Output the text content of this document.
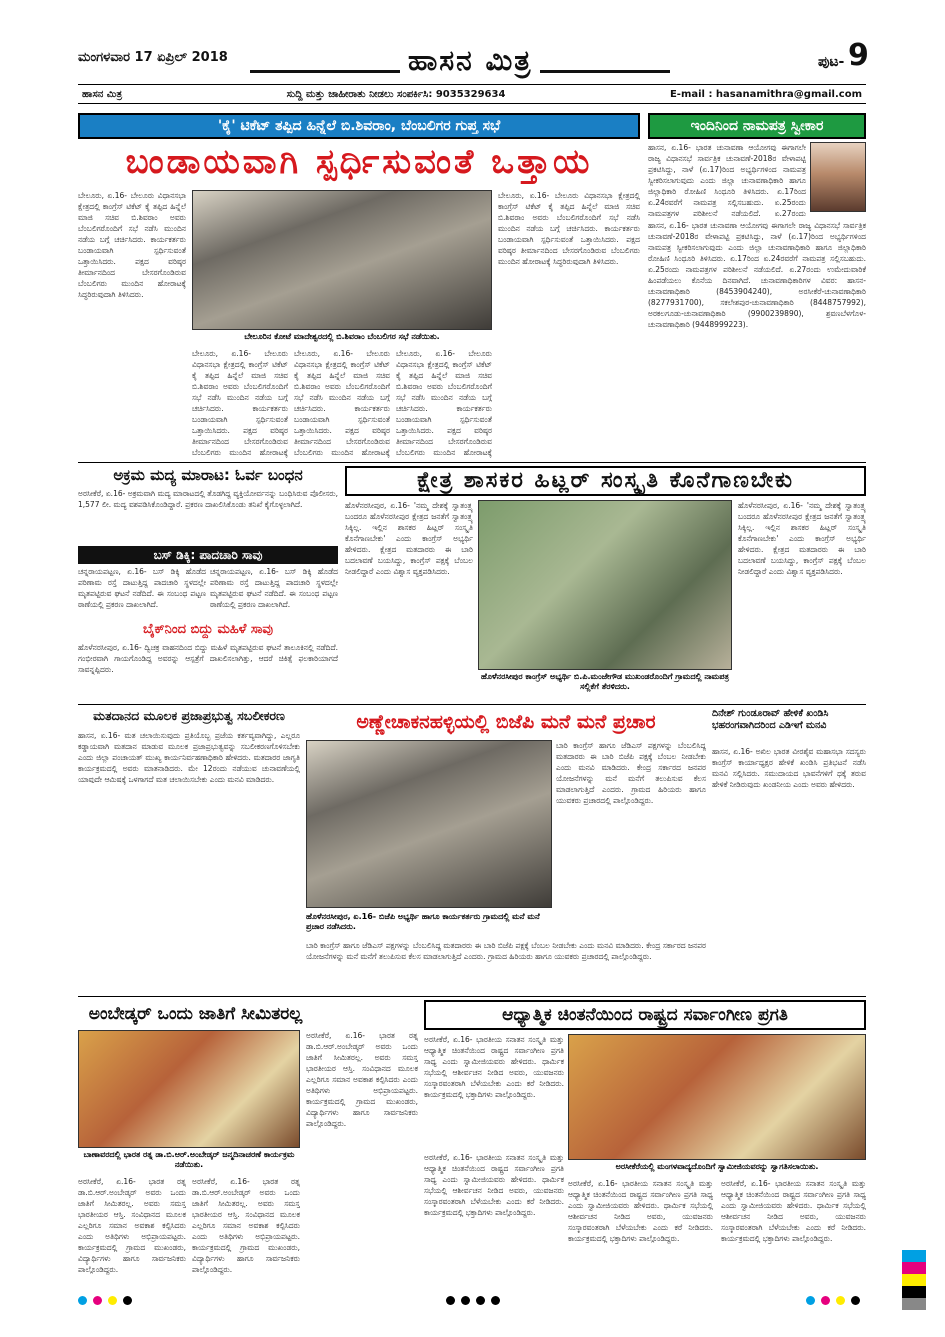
ಮಂಗಳವಾರ 17 ಏಪ್ರಿಲ್ 2018	ಹಾಸನ ಮಿತ್ರ	ಪುಟ- 9
ಹಾಸನ ಮಿತ್ರ	ಸುದ್ದಿ ಮತ್ತು ಜಾಹೀರಾತು ನೀಡಲು ಸಂಪರ್ಕಿಸಿ: 9035329634	E-mail : hasanamithra@gmail.com
'ಕೈ' ಟಿಕೆಟ್ ತಪ್ಪಿದ ಹಿನ್ನೆಲೆ ಬಿ.ಶಿವರಾಂ, ಬೆಂಬಲಿಗರ ಗುಪ್ತ ಸಭೆ
ಬಂಡಾಯವಾಗಿ ಸ್ಪರ್ಧಿಸುವಂತೆ ಒತ್ತಾಯ
ಬೇಲೂರು, ಏ.16- ಬೇಲೂರು ವಿಧಾನಸಭಾ ಕ್ಷೇತ್ರದಲ್ಲಿ ಕಾಂಗ್ರೆಸ್ ಟಿಕೆಟ್ ಕೈ ತಪ್ಪಿದ ಹಿನ್ನೆಲೆ ಮಾಜಿ ಸಚಿವ ಬಿ.ಶಿವರಾಂ ಅವರು ಬೆಂಬಲಿಗರೊಂದಿಗೆ ಸಭೆ ನಡೆಸಿ ಮುಂದಿನ ನಡೆಯ ಬಗ್ಗೆ ಚರ್ಚಿಸಿದರು. ಕಾರ್ಯಕರ್ತರು ಬಂಡಾಯವಾಗಿ ಸ್ಪರ್ಧಿಸುವಂತೆ ಒತ್ತಾಯಿಸಿದರು. ಪಕ್ಷದ ವರಿಷ್ಠರ ತೀರ್ಮಾನದಿಂದ ಬೇಸರಗೊಂಡಿರುವ ಬೆಂಬಲಿಗರು ಮುಂದಿನ ಹೋರಾಟಕ್ಕೆ ಸಿದ್ಧರಿರುವುದಾಗಿ ತಿಳಿಸಿದರು.
ಬೇಲೂರಿನ ಕೋಟೆ ಮಾದೇಶ್ವರದಲ್ಲಿ ಬಿ.ಶಿವರಾಂ ಬೆಂಬಲಿಗರ ಸಭೆ ನಡೆಯಿತು.
ಬೇಲೂರು, ಏ.16- ಬೇಲೂರು ವಿಧಾನಸಭಾ ಕ್ಷೇತ್ರದಲ್ಲಿ ಕಾಂಗ್ರೆಸ್ ಟಿಕೆಟ್ ಕೈ ತಪ್ಪಿದ ಹಿನ್ನೆಲೆ ಮಾಜಿ ಸಚಿವ ಬಿ.ಶಿವರಾಂ ಅವರು ಬೆಂಬಲಿಗರೊಂದಿಗೆ ಸಭೆ ನಡೆಸಿ ಮುಂದಿನ ನಡೆಯ ಬಗ್ಗೆ ಚರ್ಚಿಸಿದರು. ಕಾರ್ಯಕರ್ತರು ಬಂಡಾಯವಾಗಿ ಸ್ಪರ್ಧಿಸುವಂತೆ ಒತ್ತಾಯಿಸಿದರು. ಪಕ್ಷದ ವರಿಷ್ಠರ ತೀರ್ಮಾನದಿಂದ ಬೇಸರಗೊಂಡಿರುವ ಬೆಂಬಲಿಗರು ಮುಂದಿನ ಹೋರಾಟಕ್ಕೆ
ಬೇಲೂರು, ಏ.16- ಬೇಲೂರು ವಿಧಾನಸಭಾ ಕ್ಷೇತ್ರದಲ್ಲಿ ಕಾಂಗ್ರೆಸ್ ಟಿಕೆಟ್ ಕೈ ತಪ್ಪಿದ ಹಿನ್ನೆಲೆ ಮಾಜಿ ಸಚಿವ ಬಿ.ಶಿವರಾಂ ಅವರು ಬೆಂಬಲಿಗರೊಂದಿಗೆ ಸಭೆ ನಡೆಸಿ ಮುಂದಿನ ನಡೆಯ ಬಗ್ಗೆ ಚರ್ಚಿಸಿದರು. ಕಾರ್ಯಕರ್ತರು ಬಂಡಾಯವಾಗಿ ಸ್ಪರ್ಧಿಸುವಂತೆ ಒತ್ತಾಯಿಸಿದರು. ಪಕ್ಷದ ವರಿಷ್ಠರ ತೀರ್ಮಾನದಿಂದ ಬೇಸರಗೊಂಡಿರುವ ಬೆಂಬಲಿಗರು ಮುಂದಿನ ಹೋರಾಟಕ್ಕೆ
ಬೇಲೂರು, ಏ.16- ಬೇಲೂರು ವಿಧಾನಸಭಾ ಕ್ಷೇತ್ರದಲ್ಲಿ ಕಾಂಗ್ರೆಸ್ ಟಿಕೆಟ್ ಕೈ ತಪ್ಪಿದ ಹಿನ್ನೆಲೆ ಮಾಜಿ ಸಚಿವ ಬಿ.ಶಿವರಾಂ ಅವರು ಬೆಂಬಲಿಗರೊಂದಿಗೆ ಸಭೆ ನಡೆಸಿ ಮುಂದಿನ ನಡೆಯ ಬಗ್ಗೆ ಚರ್ಚಿಸಿದರು. ಕಾರ್ಯಕರ್ತರು ಬಂಡಾಯವಾಗಿ ಸ್ಪರ್ಧಿಸುವಂತೆ ಒತ್ತಾಯಿಸಿದರು. ಪಕ್ಷದ ವರಿಷ್ಠರ ತೀರ್ಮಾನದಿಂದ ಬೇಸರಗೊಂಡಿರುವ ಬೆಂಬಲಿಗರು ಮುಂದಿನ ಹೋರಾಟಕ್ಕೆ
ಬೇಲೂರು, ಏ.16- ಬೇಲೂರು ವಿಧಾನಸಭಾ ಕ್ಷೇತ್ರದಲ್ಲಿ ಕಾಂಗ್ರೆಸ್ ಟಿಕೆಟ್ ಕೈ ತಪ್ಪಿದ ಹಿನ್ನೆಲೆ ಮಾಜಿ ಸಚಿವ ಬಿ.ಶಿವರಾಂ ಅವರು ಬೆಂಬಲಿಗರೊಂದಿಗೆ ಸಭೆ ನಡೆಸಿ ಮುಂದಿನ ನಡೆಯ ಬಗ್ಗೆ ಚರ್ಚಿಸಿದರು. ಕಾರ್ಯಕರ್ತರು ಬಂಡಾಯವಾಗಿ ಸ್ಪರ್ಧಿಸುವಂತೆ ಒತ್ತಾಯಿಸಿದರು. ಪಕ್ಷದ ವರಿಷ್ಠರ ತೀರ್ಮಾನದಿಂದ ಬೇಸರಗೊಂಡಿರುವ ಬೆಂಬಲಿಗರು ಮುಂದಿನ ಹೋರಾಟಕ್ಕೆ ಸಿದ್ಧರಿರುವುದಾಗಿ ತಿಳಿಸಿದರು.
ಇಂದಿನಿಂದ ನಾಮಪತ್ರ ಸ್ವೀಕಾರ
ಹಾಸನ, ಏ.16- ಭಾರತ ಚುನಾವಣಾ ಆಯೋಗವು ಈಗಾಗಲೇ ರಾಜ್ಯ ವಿಧಾನಸಭೆ ಸಾರ್ವತ್ರಿಕ ಚುನಾವಣೆ-2018ರ ವೇಳಾಪಟ್ಟಿ ಪ್ರಕಟಿಸಿದ್ದು, ನಾಳೆ (ಏ.17)ರಿಂದ ಅಭ್ಯರ್ಥಿಗಳಿಂದ ನಾಮಪತ್ರ ಸ್ವೀಕರಿಸಲಾಗುವುದು ಎಂದು ಜಿಲ್ಲಾ ಚುನಾವಣಾಧಿಕಾರಿ ಹಾಗೂ ಜಿಲ್ಲಾಧಿಕಾರಿ ರೋಹಿಣಿ ಸಿಂಧೂರಿ ತಿಳಿಸಿದರು. ಏ.17ರಿಂದ ಏ.24ರವರೆಗೆ ನಾಮಪತ್ರ ಸಲ್ಲಿಸಬಹುದು. ಏ.25ರಂದು ನಾಮಪತ್ರಗಳ ಪರಿಶೀಲನೆ ನಡೆಯಲಿದೆ. ಏ.27ರಂದು
ಹಾಸನ, ಏ.16- ಭಾರತ ಚುನಾವಣಾ ಆಯೋಗವು ಈಗಾಗಲೇ ರಾಜ್ಯ ವಿಧಾನಸಭೆ ಸಾರ್ವತ್ರಿಕ ಚುನಾವಣೆ-2018ರ ವೇಳಾಪಟ್ಟಿ ಪ್ರಕಟಿಸಿದ್ದು, ನಾಳೆ (ಏ.17)ರಿಂದ ಅಭ್ಯರ್ಥಿಗಳಿಂದ ನಾಮಪತ್ರ ಸ್ವೀಕರಿಸಲಾಗುವುದು ಎಂದು ಜಿಲ್ಲಾ ಚುನಾವಣಾಧಿಕಾರಿ ಹಾಗೂ ಜಿಲ್ಲಾಧಿಕಾರಿ ರೋಹಿಣಿ ಸಿಂಧೂರಿ ತಿಳಿಸಿದರು. ಏ.17ರಿಂದ ಏ.24ರವರೆಗೆ ನಾಮಪತ್ರ ಸಲ್ಲಿಸಬಹುದು. ಏ.25ರಂದು ನಾಮಪತ್ರಗಳ ಪರಿಶೀಲನೆ ನಡೆಯಲಿದೆ. ಏ.27ರಂದು ಉಮೇದುವಾರಿಕೆ ಹಿಂಪಡೆಯಲು ಕೊನೆಯ ದಿನವಾಗಿದೆ. ಚುನಾವಣಾಧಿಕಾರಿಗಳ ವಿವರ: ಹಾಸನ-ಚುನಾವಣಾಧಿಕಾರಿ (8453904240), ಅರಸೀಕೆರೆ-ಚುನಾವಣಾಧಿಕಾರಿ (8277931700), ಸಕಲೇಶಪುರ-ಚುನಾವಣಾಧಿಕಾರಿ (8448757992), ಅರಕಲಗೂಡು-ಚುನಾವಣಾಧಿಕಾರಿ (9900239890), ಶ್ರವಣಬೆಳಗೊಳ-ಚುನಾವಣಾಧಿಕಾರಿ (9448999223).
ಅಕ್ರಮ ಮದ್ಯ ಮಾರಾಟ: ಓರ್ವ ಬಂಧನ
ಅರಸೀಕೆರೆ, ಏ.16- ಅಕ್ರಮವಾಗಿ ಮದ್ಯ ಮಾರಾಟದಲ್ಲಿ ತೊಡಗಿದ್ದ ವ್ಯಕ್ತಿಯೋರ್ವನನ್ನು ಬಂಧಿಸಿರುವ ಪೊಲೀಸರು, 1,577 ಲೀ. ಮದ್ಯ ವಶಪಡಿಸಿಕೊಂಡಿದ್ದಾರೆ. ಪ್ರಕರಣ ದಾಖಲಿಸಿಕೊಂಡು ತನಿಖೆ ಕೈಗೊಳ್ಳಲಾಗಿದೆ.
ಬಸ್ ಡಿಕ್ಕಿ: ಪಾದಚಾರಿ ಸಾವು
ಚನ್ನರಾಯಪಟ್ಟಣ, ಏ.16- ಬಸ್ ಡಿಕ್ಕಿ ಹೊಡೆದ ಪರಿಣಾಮ ರಸ್ತೆ ದಾಟುತ್ತಿದ್ದ ಪಾದಚಾರಿ ಸ್ಥಳದಲ್ಲೇ ಮೃತಪಟ್ಟಿರುವ ಘಟನೆ ನಡೆದಿದೆ. ಈ ಸಂಬಂಧ ಪಟ್ಟಣ ಠಾಣೆಯಲ್ಲಿ ಪ್ರಕರಣ ದಾಖಲಾಗಿದೆ.
ಚನ್ನರಾಯಪಟ್ಟಣ, ಏ.16- ಬಸ್ ಡಿಕ್ಕಿ ಹೊಡೆದ ಪರಿಣಾಮ ರಸ್ತೆ ದಾಟುತ್ತಿದ್ದ ಪಾದಚಾರಿ ಸ್ಥಳದಲ್ಲೇ ಮೃತಪಟ್ಟಿರುವ ಘಟನೆ ನಡೆದಿದೆ. ಈ ಸಂಬಂಧ ಪಟ್ಟಣ ಠಾಣೆಯಲ್ಲಿ ಪ್ರಕರಣ ದಾಖಲಾಗಿದೆ.
ಬೈಕ್‌ನಿಂದ ಬಿದ್ದು ಮಹಿಳೆ ಸಾವು
ಹೊಳೆನರಸೀಪುರ, ಏ.16- ದ್ವಿಚಕ್ರ ವಾಹನದಿಂದ ಬಿದ್ದು ಮಹಿಳೆ ಮೃತಪಟ್ಟಿರುವ ಘಟನೆ ತಾಲೂಕಿನಲ್ಲಿ ನಡೆದಿದೆ. ಗಂಭೀರವಾಗಿ ಗಾಯಗೊಂಡಿದ್ದ ಅವರನ್ನು ಆಸ್ಪತ್ರೆಗೆ ದಾಖಲಿಸಲಾಗಿತ್ತು, ಆದರೆ ಚಿಕಿತ್ಸೆ ಫಲಕಾರಿಯಾಗದೆ ಸಾವನ್ನಪ್ಪಿದರು.
ಕ್ಷೇತ್ರ ಶಾಸಕರ ಹಿಟ್ಲರ್ ಸಂಸ್ಕೃತಿ ಕೊನೆಗಾಣಬೇಕು
ಹೊಳೆನರಸೀಪುರ, ಏ.16- 'ನಮ್ಮ ದೇಶಕ್ಕೆ ಸ್ವಾತಂತ್ರ್ಯ ಬಂದರೂ ಹೊಳೆನರಸೀಪುರ ಕ್ಷೇತ್ರದ ಜನತೆಗೆ ಸ್ವಾತಂತ್ರ್ಯ ಸಿಕ್ಕಿಲ್ಲ. ಇಲ್ಲಿನ ಶಾಸಕರ ಹಿಟ್ಲರ್ ಸಂಸ್ಕೃತಿ ಕೊನೆಗಾಣಬೇಕು' ಎಂದು ಕಾಂಗ್ರೆಸ್ ಅಭ್ಯರ್ಥಿ ಹೇಳಿದರು. ಕ್ಷೇತ್ರದ ಮತದಾರರು ಈ ಬಾರಿ ಬದಲಾವಣೆ ಬಯಸಿದ್ದು, ಕಾಂಗ್ರೆಸ್ ಪಕ್ಷಕ್ಕೆ ಬೆಂಬಲ ನೀಡಲಿದ್ದಾರೆ ಎಂದು ವಿಶ್ವಾಸ ವ್ಯಕ್ತಪಡಿಸಿದರು.
ಹೊಳೆನರಸೀಪುರ ಕಾಂಗ್ರೆಸ್ ಅಭ್ಯರ್ಥಿ ಬಿ.ಪಿ.ಮಂಜೇಗೌಡ ಮುಖಂಡರೊಂದಿಗೆ ಗ್ರಾಮದಲ್ಲಿ ನಾಮಪತ್ರ ಸಲ್ಲಿಕೆಗೆ ತೆರಳಿದರು.
ಹೊಳೆನರಸೀಪುರ, ಏ.16- 'ನಮ್ಮ ದೇಶಕ್ಕೆ ಸ್ವಾತಂತ್ರ್ಯ ಬಂದರೂ ಹೊಳೆನರಸೀಪುರ ಕ್ಷೇತ್ರದ ಜನತೆಗೆ ಸ್ವಾತಂತ್ರ್ಯ ಸಿಕ್ಕಿಲ್ಲ. ಇಲ್ಲಿನ ಶಾಸಕರ ಹಿಟ್ಲರ್ ಸಂಸ್ಕೃತಿ ಕೊನೆಗಾಣಬೇಕು' ಎಂದು ಕಾಂಗ್ರೆಸ್ ಅಭ್ಯರ್ಥಿ ಹೇಳಿದರು. ಕ್ಷೇತ್ರದ ಮತದಾರರು ಈ ಬಾರಿ ಬದಲಾವಣೆ ಬಯಸಿದ್ದು, ಕಾಂಗ್ರೆಸ್ ಪಕ್ಷಕ್ಕೆ ಬೆಂಬಲ ನೀಡಲಿದ್ದಾರೆ ಎಂದು ವಿಶ್ವಾಸ ವ್ಯಕ್ತಪಡಿಸಿದರು.
ಮತದಾನದ ಮೂಲಕ ಪ್ರಜಾಪ್ರಭುತ್ವ ಸಬಲೀಕರಣ
ಹಾಸನ, ಏ.16- ಮತ ಚಲಾಯಿಸುವುದು ಪ್ರತಿಯೊಬ್ಬ ಪ್ರಜೆಯ ಕರ್ತವ್ಯವಾಗಿದ್ದು, ಎಲ್ಲರೂ ಕಡ್ಡಾಯವಾಗಿ ಮತದಾನ ಮಾಡುವ ಮೂಲಕ ಪ್ರಜಾಪ್ರಭುತ್ವವನ್ನು ಸಬಲೀಕರಣಗೊಳಿಸಬೇಕು ಎಂದು ಜಿಲ್ಲಾ ಪಂಚಾಯತ್ ಮುಖ್ಯ ಕಾರ್ಯನಿರ್ವಹಣಾಧಿಕಾರಿ ಹೇಳಿದರು. ಮತದಾರರ ಜಾಗೃತಿ ಕಾರ್ಯಕ್ರಮದಲ್ಲಿ ಅವರು ಮಾತನಾಡಿದರು. ಮೇ 12ರಂದು ನಡೆಯುವ ಚುನಾವಣೆಯಲ್ಲಿ ಯಾವುದೇ ಆಮಿಷಕ್ಕೆ ಒಳಗಾಗದೆ ಮತ ಚಲಾಯಿಸಬೇಕು ಎಂದು ಮನವಿ ಮಾಡಿದರು.
ಅಣ್ಣೇಚಾಕನಹಳ್ಳಿಯಲ್ಲಿ ಬಿಜೆಪಿ ಮನೆ ಮನೆ ಪ್ರಚಾರ
ಬಾರಿ ಕಾಂಗ್ರೆಸ್ ಹಾಗೂ ಜೆಡಿಎಸ್ ಪಕ್ಷಗಳನ್ನು ಬೆಂಬಲಿಸಿದ್ದ ಮತದಾರರು ಈ ಬಾರಿ ಬಿಜೆಪಿ ಪಕ್ಷಕ್ಕೆ ಬೆಂಬಲ ನೀಡಬೇಕು ಎಂದು ಮನವಿ ಮಾಡಿದರು. ಕೇಂದ್ರ ಸರ್ಕಾರದ ಜನಪರ ಯೋಜನೆಗಳನ್ನು ಮನೆ ಮನೆಗೆ ತಲುಪಿಸುವ ಕೆಲಸ ಮಾಡಲಾಗುತ್ತಿದೆ ಎಂದರು. ಗ್ರಾಮದ ಹಿರಿಯರು ಹಾಗೂ ಯುವಕರು ಪ್ರಚಾರದಲ್ಲಿ ಪಾಲ್ಗೊಂಡಿದ್ದರು.
ಹೊಳೆನರಸೀಪುರ, ಏ.16- ಬಿಜೆಪಿ ಅಭ್ಯರ್ಥಿ ಹಾಗೂ ಕಾರ್ಯಕರ್ತರು ಗ್ರಾಮದಲ್ಲಿ ಮನೆ ಮನೆ ಪ್ರಚಾರ ನಡೆಸಿದರು.
ಬಾರಿ ಕಾಂಗ್ರೆಸ್ ಹಾಗೂ ಜೆಡಿಎಸ್ ಪಕ್ಷಗಳನ್ನು ಬೆಂಬಲಿಸಿದ್ದ ಮತದಾರರು ಈ ಬಾರಿ ಬಿಜೆಪಿ ಪಕ್ಷಕ್ಕೆ ಬೆಂಬಲ ನೀಡಬೇಕು ಎಂದು ಮನವಿ ಮಾಡಿದರು. ಕೇಂದ್ರ ಸರ್ಕಾರದ ಜನಪರ ಯೋಜನೆಗಳನ್ನು ಮನೆ ಮನೆಗೆ ತಲುಪಿಸುವ ಕೆಲಸ ಮಾಡಲಾಗುತ್ತಿದೆ ಎಂದರು. ಗ್ರಾಮದ ಹಿರಿಯರು ಹಾಗೂ ಯುವಕರು ಪ್ರಚಾರದಲ್ಲಿ ಪಾಲ್ಗೊಂಡಿದ್ದರು.
ದಿನೇಶ್ ಗುಂಡೂರಾವ್ ಹೇಳಿಕೆ ಖಂಡಿಸಿ ಭಹರಂಗವಾಗಿದರಿಂದ ಎಡಿಇಗೆ ಮನವಿ
ಹಾಸನ, ಏ.16- ಅಖಿಲ ಭಾರತ ವೀರಶೈವ ಮಹಾಸಭಾ ಸದಸ್ಯರು ಕಾಂಗ್ರೆಸ್ ಕಾರ್ಯಾಧ್ಯಕ್ಷರ ಹೇಳಿಕೆ ಖಂಡಿಸಿ ಪ್ರತಿಭಟನೆ ನಡೆಸಿ ಮನವಿ ಸಲ್ಲಿಸಿದರು. ಸಮುದಾಯದ ಭಾವನೆಗಳಿಗೆ ಧಕ್ಕೆ ತರುವ ಹೇಳಿಕೆ ನೀಡಿರುವುದು ಖಂಡನೀಯ ಎಂದು ಅವರು ಹೇಳಿದರು.
ಅಂಬೇಡ್ಕರ್ ಒಂದು ಜಾತಿಗೆ ಸೀಮಿತರಲ್ಲ
ಬಾಣಾವರದಲ್ಲಿ ಭಾರತ ರತ್ನ ಡಾ.ಬಿ.ಆರ್.ಅಂಬೇಡ್ಕರ್ ಜನ್ಮದಿನಾಚರಣೆ ಕಾರ್ಯಕ್ರಮ ನಡೆಯಿತು.
ಅರಸೀಕೆರೆ, ಏ.16- ಭಾರತ ರತ್ನ ಡಾ.ಬಿ.ಆರ್.ಅಂಬೇಡ್ಕರ್ ಅವರು ಒಂದು ಜಾತಿಗೆ ಸೀಮಿತರಲ್ಲ. ಅವರು ಸಮಸ್ತ ಭಾರತೀಯರ ಆಸ್ತಿ. ಸಂವಿಧಾನದ ಮೂಲಕ ಎಲ್ಲರಿಗೂ ಸಮಾನ ಅವಕಾಶ ಕಲ್ಪಿಸಿದರು ಎಂದು ಅತಿಥಿಗಳು ಅಭಿಪ್ರಾಯಪಟ್ಟರು. ಕಾರ್ಯಕ್ರಮದಲ್ಲಿ ಗ್ರಾಮದ ಮುಖಂಡರು, ವಿದ್ಯಾರ್ಥಿಗಳು ಹಾಗೂ ಸಾರ್ವಜನಿಕರು ಪಾಲ್ಗೊಂಡಿದ್ದರು.
ಅರಸೀಕೆರೆ, ಏ.16- ಭಾರತ ರತ್ನ ಡಾ.ಬಿ.ಆರ್.ಅಂಬೇಡ್ಕರ್ ಅವರು ಒಂದು ಜಾತಿಗೆ ಸೀಮಿತರಲ್ಲ. ಅವರು ಸಮಸ್ತ ಭಾರತೀಯರ ಆಸ್ತಿ. ಸಂವಿಧಾನದ ಮೂಲಕ ಎಲ್ಲರಿಗೂ ಸಮಾನ ಅವಕಾಶ ಕಲ್ಪಿಸಿದರು ಎಂದು ಅತಿಥಿಗಳು ಅಭಿಪ್ರಾಯಪಟ್ಟರು. ಕಾರ್ಯಕ್ರಮದಲ್ಲಿ ಗ್ರಾಮದ ಮುಖಂಡರು, ವಿದ್ಯಾರ್ಥಿಗಳು ಹಾಗೂ ಸಾರ್ವಜನಿಕರು ಪಾಲ್ಗೊಂಡಿದ್ದರು.
ಅರಸೀಕೆರೆ, ಏ.16- ಭಾರತ ರತ್ನ ಡಾ.ಬಿ.ಆರ್.ಅಂಬೇಡ್ಕರ್ ಅವರು ಒಂದು ಜಾತಿಗೆ ಸೀಮಿತರಲ್ಲ. ಅವರು ಸಮಸ್ತ ಭಾರತೀಯರ ಆಸ್ತಿ. ಸಂವಿಧಾನದ ಮೂಲಕ ಎಲ್ಲರಿಗೂ ಸಮಾನ ಅವಕಾಶ ಕಲ್ಪಿಸಿದರು ಎಂದು ಅತಿಥಿಗಳು ಅಭಿಪ್ರಾಯಪಟ್ಟರು. ಕಾರ್ಯಕ್ರಮದಲ್ಲಿ ಗ್ರಾಮದ ಮುಖಂಡರು, ವಿದ್ಯಾರ್ಥಿಗಳು ಹಾಗೂ ಸಾರ್ವಜನಿಕರು ಪಾಲ್ಗೊಂಡಿದ್ದರು.
ಆಧ್ಯಾತ್ಮಿಕ ಚಿಂತನೆಯಿಂದ ರಾಷ್ಟ್ರದ ಸರ್ವಾಂಗೀಣ ಪ್ರಗತಿ
ಅರಸೀಕೆರೆ, ಏ.16- ಭಾರತೀಯ ಸನಾತನ ಸಂಸ್ಕೃತಿ ಮತ್ತು ಆಧ್ಯಾತ್ಮಿಕ ಚಿಂತನೆಯಿಂದ ರಾಷ್ಟ್ರದ ಸರ್ವಾಂಗೀಣ ಪ್ರಗತಿ ಸಾಧ್ಯ ಎಂದು ಸ್ವಾಮೀಜಿಯವರು ಹೇಳಿದರು. ಧಾರ್ಮಿಕ ಸಭೆಯಲ್ಲಿ ಆಶೀರ್ವಚನ ನೀಡಿದ ಅವರು, ಯುವಜನರು ಸಂಸ್ಕಾರವಂತರಾಗಿ ಬೆಳೆಯಬೇಕು ಎಂದು ಕರೆ ನೀಡಿದರು. ಕಾರ್ಯಕ್ರಮದಲ್ಲಿ ಭಕ್ತಾದಿಗಳು ಪಾಲ್ಗೊಂಡಿದ್ದರು.
ಅರಸೀಕೆರೆಯಲ್ಲಿ ಮಂಗಳವಾದ್ಯದೊಂದಿಗೆ ಸ್ವಾಮೀಜಿಯವರನ್ನು ಸ್ವಾಗತಿಸಲಾಯಿತು.
ಅರಸೀಕೆರೆ, ಏ.16- ಭಾರತೀಯ ಸನಾತನ ಸಂಸ್ಕೃತಿ ಮತ್ತು ಆಧ್ಯಾತ್ಮಿಕ ಚಿಂತನೆಯಿಂದ ರಾಷ್ಟ್ರದ ಸರ್ವಾಂಗೀಣ ಪ್ರಗತಿ ಸಾಧ್ಯ ಎಂದು ಸ್ವಾಮೀಜಿಯವರು ಹೇಳಿದರು. ಧಾರ್ಮಿಕ ಸಭೆಯಲ್ಲಿ ಆಶೀರ್ವಚನ ನೀಡಿದ ಅವರು, ಯುವಜನರು ಸಂಸ್ಕಾರವಂತರಾಗಿ ಬೆಳೆಯಬೇಕು ಎಂದು ಕರೆ ನೀಡಿದರು. ಕಾರ್ಯಕ್ರಮದಲ್ಲಿ ಭಕ್ತಾದಿಗಳು ಪಾಲ್ಗೊಂಡಿದ್ದರು.
ಅರಸೀಕೆರೆ, ಏ.16- ಭಾರತೀಯ ಸನಾತನ ಸಂಸ್ಕೃತಿ ಮತ್ತು ಆಧ್ಯಾತ್ಮಿಕ ಚಿಂತನೆಯಿಂದ ರಾಷ್ಟ್ರದ ಸರ್ವಾಂಗೀಣ ಪ್ರಗತಿ ಸಾಧ್ಯ ಎಂದು ಸ್ವಾಮೀಜಿಯವರು ಹೇಳಿದರು. ಧಾರ್ಮಿಕ ಸಭೆಯಲ್ಲಿ ಆಶೀರ್ವಚನ ನೀಡಿದ ಅವರು, ಯುವಜನರು ಸಂಸ್ಕಾರವಂತರಾಗಿ ಬೆಳೆಯಬೇಕು ಎಂದು ಕರೆ ನೀಡಿದರು. ಕಾರ್ಯಕ್ರಮದಲ್ಲಿ ಭಕ್ತಾದಿಗಳು ಪಾಲ್ಗೊಂಡಿದ್ದರು.
ಅರಸೀಕೆರೆ, ಏ.16- ಭಾರತೀಯ ಸನಾತನ ಸಂಸ್ಕೃತಿ ಮತ್ತು ಆಧ್ಯಾತ್ಮಿಕ ಚಿಂತನೆಯಿಂದ ರಾಷ್ಟ್ರದ ಸರ್ವಾಂಗೀಣ ಪ್ರಗತಿ ಸಾಧ್ಯ ಎಂದು ಸ್ವಾಮೀಜಿಯವರು ಹೇಳಿದರು. ಧಾರ್ಮಿಕ ಸಭೆಯಲ್ಲಿ ಆಶೀರ್ವಚನ ನೀಡಿದ ಅವರು, ಯುವಜನರು ಸಂಸ್ಕಾರವಂತರಾಗಿ ಬೆಳೆಯಬೇಕು ಎಂದು ಕರೆ ನೀಡಿದರು. ಕಾರ್ಯಕ್ರಮದಲ್ಲಿ ಭಕ್ತಾದಿಗಳು ಪಾಲ್ಗೊಂಡಿದ್ದರು.
